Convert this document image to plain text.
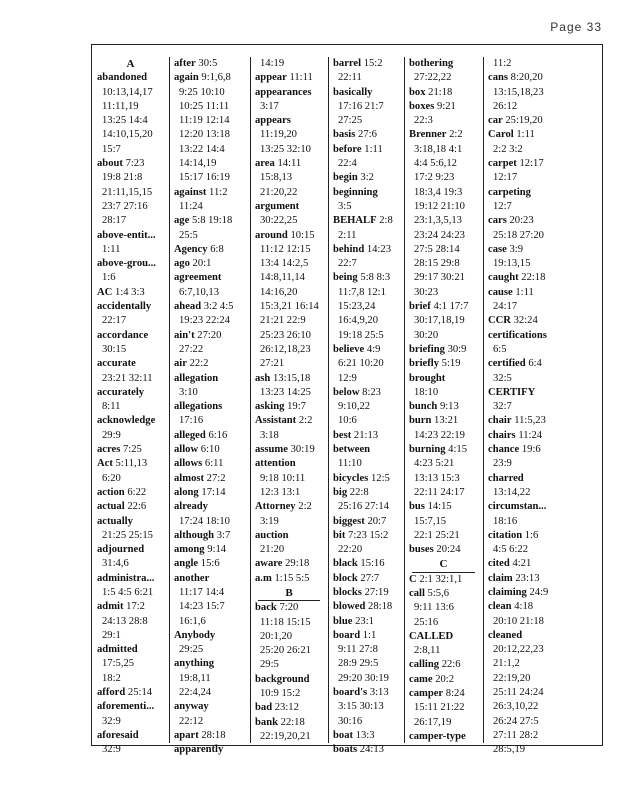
Page 33
A
abandoned
10:13,14,17
11:11,19
13:25 14:4
14:10,15,20
15:7
about 7:23
19:8 21:8
21:11,15,15
23:7 27:16
28:17
above-entit...
1:11
above-grou...
1:6
AC 1:4 3:3
accidentally
22:17
accordance
30:15
accurate
23:21 32:11
accurately
8:11
acknowledge
29:9
acres 7:25
Act 5:11,13
6:20
action 6:22
actual 22:6
actually
21:25 25:15
adjourned
31:4,6
administra...
1:5 4:5 6:21
admit 17:2
24:13 28:8
29:1
admitted
17:5,25
18:2
afford 25:14
aforementi...
32:9
aforesaid
32:9
after 30:5
again 9:1,6,8
9:25 10:10
10:25 11:11
11:19 12:14
12:20 13:18
13:22 14:4
14:14,19
15:17 16:19
against 11:2
11:24
age 5:8 19:18
25:5
Agency 6:8
ago 20:1
agreement
6:7,10,13
ahead 3:2 4:5
19:23 22:24
ain't 27:20
27:22
air 22:2
allegation
3:10
allegations
17:16
alleged 6:16
allow 6:10
allows 6:11
almost 27:2
along 17:14
already
17:24 18:10
although 3:7
among 9:14
angle 15:6
another
11:17 14:4
14:23 15:7
16:1,6
Anybody
29:25
anything
19:8,11
22:4,24
anyway
22:12
apart 28:18
apparently
14:19
appear 11:11
appearances
3:17
appears
11:19,20
13:25 32:10
area 14:11
15:8,13
21:20,22
argument
30:22,25
around 10:15
11:12 12:15
13:4 14:2,5
14:8,11,14
14:16,20
15:3,21 16:14
21:21 22:9
25:23 26:10
26:12,18,23
27:21
ash 13:15,18
13:23 14:25
asking 19:7
Assistant 2:2
3:18
assume 30:19
attention
9:18 10:11
12:3 13:1
Attorney 2:2
3:19
auction
21:20
aware 29:18
a.m 1:15 5:5
B
back 7:20
11:18 15:15
20:1,20
25:20 26:21
29:5
background
10:9 15:2
bad 23:12
bank 22:18
22:19,20,21
barrel 15:2
22:11
basically
17:16 21:7
27:25
basis 27:6
before 1:11
22:4
begin 3:2
beginning
3:5
BEHALF 2:8
2:11
behind 14:23
22:7
being 5:8 8:3
11:7,8 12:1
15:23,24
16:4,9,20
19:18 25:5
believe 4:9
6:21 10:20
12:9
below 8:23
9:10,22
10:6
best 21:13
between
11:10
bicycles 12:5
big 22:8
25:16 27:14
biggest 20:7
bit 7:23 15:2
22:20
black 15:16
block 27:7
blocks 27:19
blowed 28:18
blue 23:1
board 1:1
9:11 27:8
28:9 29:5
29:20 30:19
board's 3:13
3:15 30:13
30:16
boat 13:3
boats 24:13
bothering
27:22,22
box 21:18
boxes 9:21
22:3
Brenner 2:2
3:18,18 4:1
4:4 5:6,12
17:2 9:23
18:3,4 19:3
19:12 21:10
23:1,3,5,13
23:24 24:23
27:5 28:14
28:15 29:8
29:17 30:21
30:23
brief 4:1 17:7
30:17,18,19
30:20
briefing 30:9
briefly 5:19
brought
18:10
bunch 9:13
burn 13:21
14:23 22:19
burning 4:15
4:23 5:21
13:13 15:3
22:11 24:17
bus 14:15
15:7,15
22:1 25:21
buses 20:24
C
C 2:1 32:1,1
call 5:5,6
9:11 13:6
25:16
CALLED
2:8,11
calling 22:6
came 20:2
camper 8:24
15:11 21:22
26:17,19
camper-type
11:2
cans 8:20,20
13:15,18,23
26:12
car 25:19,20
Carol 1:11
2:2 3:2
carpet 12:17
12:17
carpeting
12:7
cars 20:23
25:18 27:20
case 3:9
19:13,15
caught 22:18
cause 1:11
24:17
CCR 32:24
certifications
6:5
certified 6:4
32:5
CERTIFY
32:7
chair 11:5,23
chairs 11:24
chance 19:6
23:9
charred
13:14,22
circumstan...
18:16
citation 1:6
4:5 6:22
cited 4:21
claim 23:13
claiming 24:9
clean 4:18
20:10 21:18
cleaned
20:12,22,23
21:1,2
22:19,20
25:11 24:24
26:3,10,22
26:24 27:5
27:11 28:2
28:5,19
